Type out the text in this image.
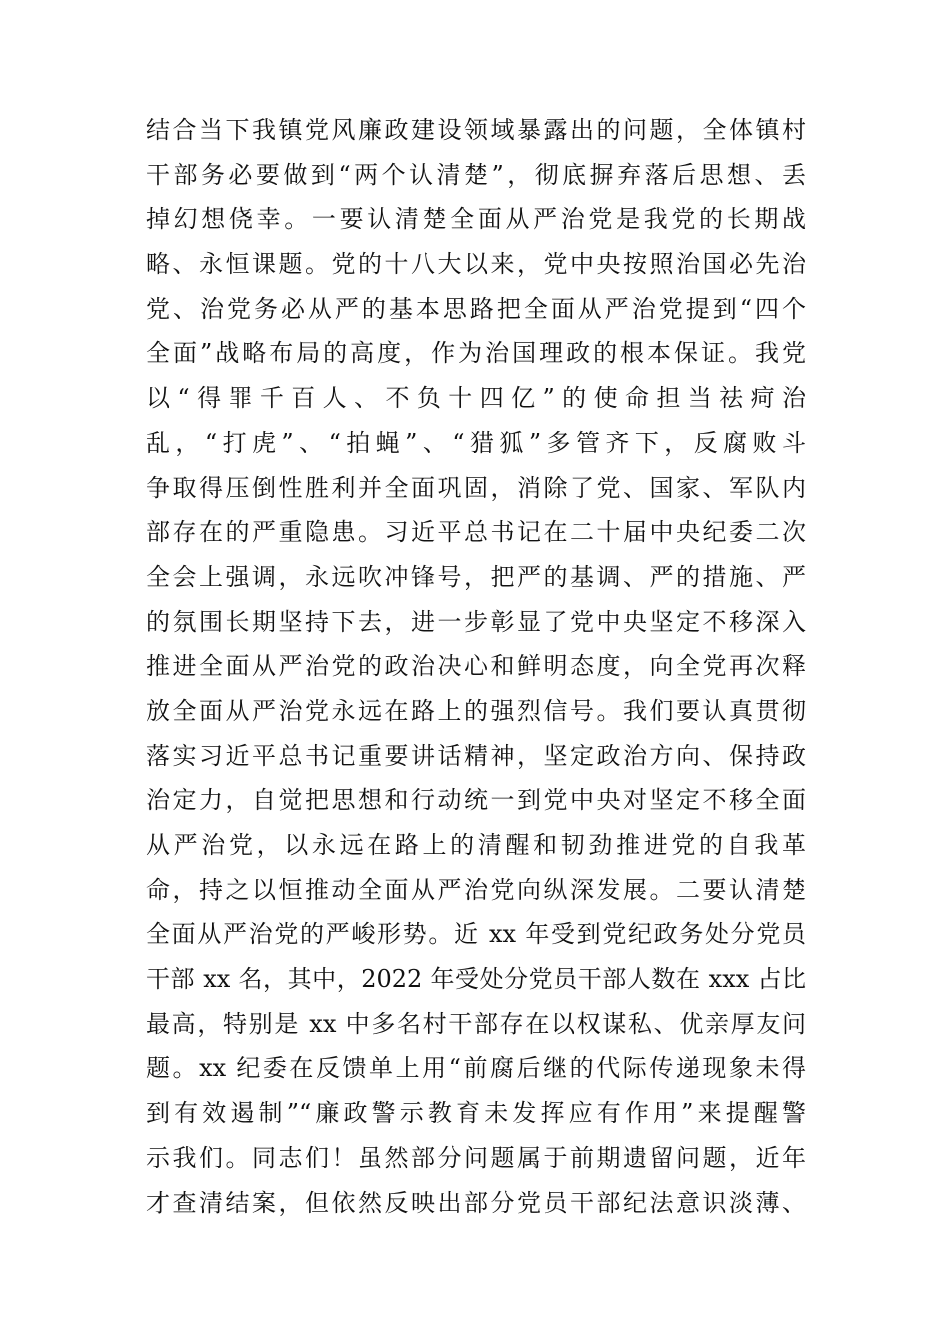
结合当下我镇党风廉政建设领域暴露出的问题，全体镇村
干部务必要做到“两个认清楚”，彻底摒弃落后思想、丢
掉幻想侥幸。一要认清楚全面从严治党是我党的长期战
略、永恒课题。党的十八大以来，党中央按照治国必先治
党、治党务必从严的基本思路把全面从严治党提到“四个
全面”战略布局的高度，作为治国理政的根本保证。我党
以“得罪千百人、不负十四亿”的使命担当祛疴治
乱，“打虎”、“拍蝇”、“猎狐”多管齐下，反腐败斗
争取得压倒性胜利并全面巩固，消除了党、国家、军队内
部存在的严重隐患。习近平总书记在二十届中央纪委二次
全会上强调，永远吹冲锋号，把严的基调、严的措施、严
的氛围长期坚持下去，进一步彰显了党中央坚定不移深入
推进全面从严治党的政治决心和鲜明态度，向全党再次释
放全面从严治党永远在路上的强烈信号。我们要认真贯彻
落实习近平总书记重要讲话精神，坚定政治方向、保持政
治定力，自觉把思想和行动统一到党中央对坚定不移全面
从严治党，以永远在路上的清醒和韧劲推进党的自我革
命，持之以恒推动全面从严治党向纵深发展。二要认清楚
全面从严治党的严峻形势。近 xx 年受到党纪政务处分党员
干部 xx 名，其中，2022 年受处分党员干部人数在 xxx 占比
最高，特别是 xx 中多名村干部存在以权谋私、优亲厚友问
题。xx 纪委在反馈单上用“前腐后继的代际传递现象未得
到有效遏制”“廉政警示教育未发挥应有作用”来提醒警
示我们。同志们！虽然部分问题属于前期遗留问题，近年
才查清结案，但依然反映出部分党员干部纪法意识淡薄、
